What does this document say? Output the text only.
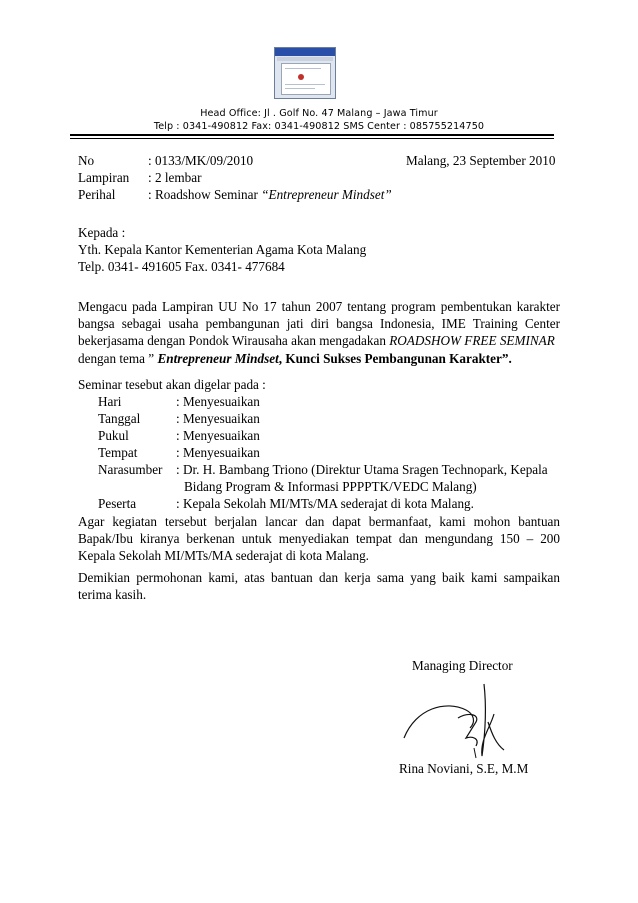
Head Office: Jl . Golf No. 47 Malang – Jawa Timur
Telp : 0341-490812 Fax: 0341-490812 SMS Center : 085755214750
No	: 0133/MK/09/2010	Malang, 23 September 2010
Lampiran : 2 lembar
Perihal : Roadshow Seminar “Entrepreneur Mindset”
Kepada :
Yth. Kepala Kantor Kementerian Agama Kota Malang
Telp. 0341- 491605 Fax. 0341- 477684
Mengacu pada Lampiran UU No 17 tahun 2007 tentang program pembentukan karakter bangsa sebagai usaha pembangunan jati diri bangsa Indonesia, IME Training Center bekerjasama dengan Pondok Wirausaha akan mengadakan ROADSHOW FREE SEMINAR
dengan tema ” Entrepreneur Mindset, Kunci Sukses Pembangunan Karakter”.
Seminar tesebut akan digelar pada :
Hari	: Menyesuaikan
Tanggal	: Menyesuaikan
Pukul	: Menyesuaikan
Tempat	: Menyesuaikan
Narasumber : Dr. H. Bambang Triono (Direktur Utama Sragen Technopark, Kepala
Bidang Program & Informasi PPPPTK/VEDC Malang)
Peserta	: Kepala Sekolah MI/MTs/MA sederajat di kota Malang.
Agar kegiatan tersebut berjalan lancar dan dapat bermanfaat, kami mohon bantuan Bapak/Ibu kiranya berkenan untuk menyediakan tempat dan mengundang 150 – 200 Kepala Sekolah MI/MTs/MA sederajat di kota Malang.
Demikian permohonan kami, atas bantuan dan kerja sama yang baik kami sampaikan terima kasih.
Managing Director
Rina Noviani, S.E, M.M
